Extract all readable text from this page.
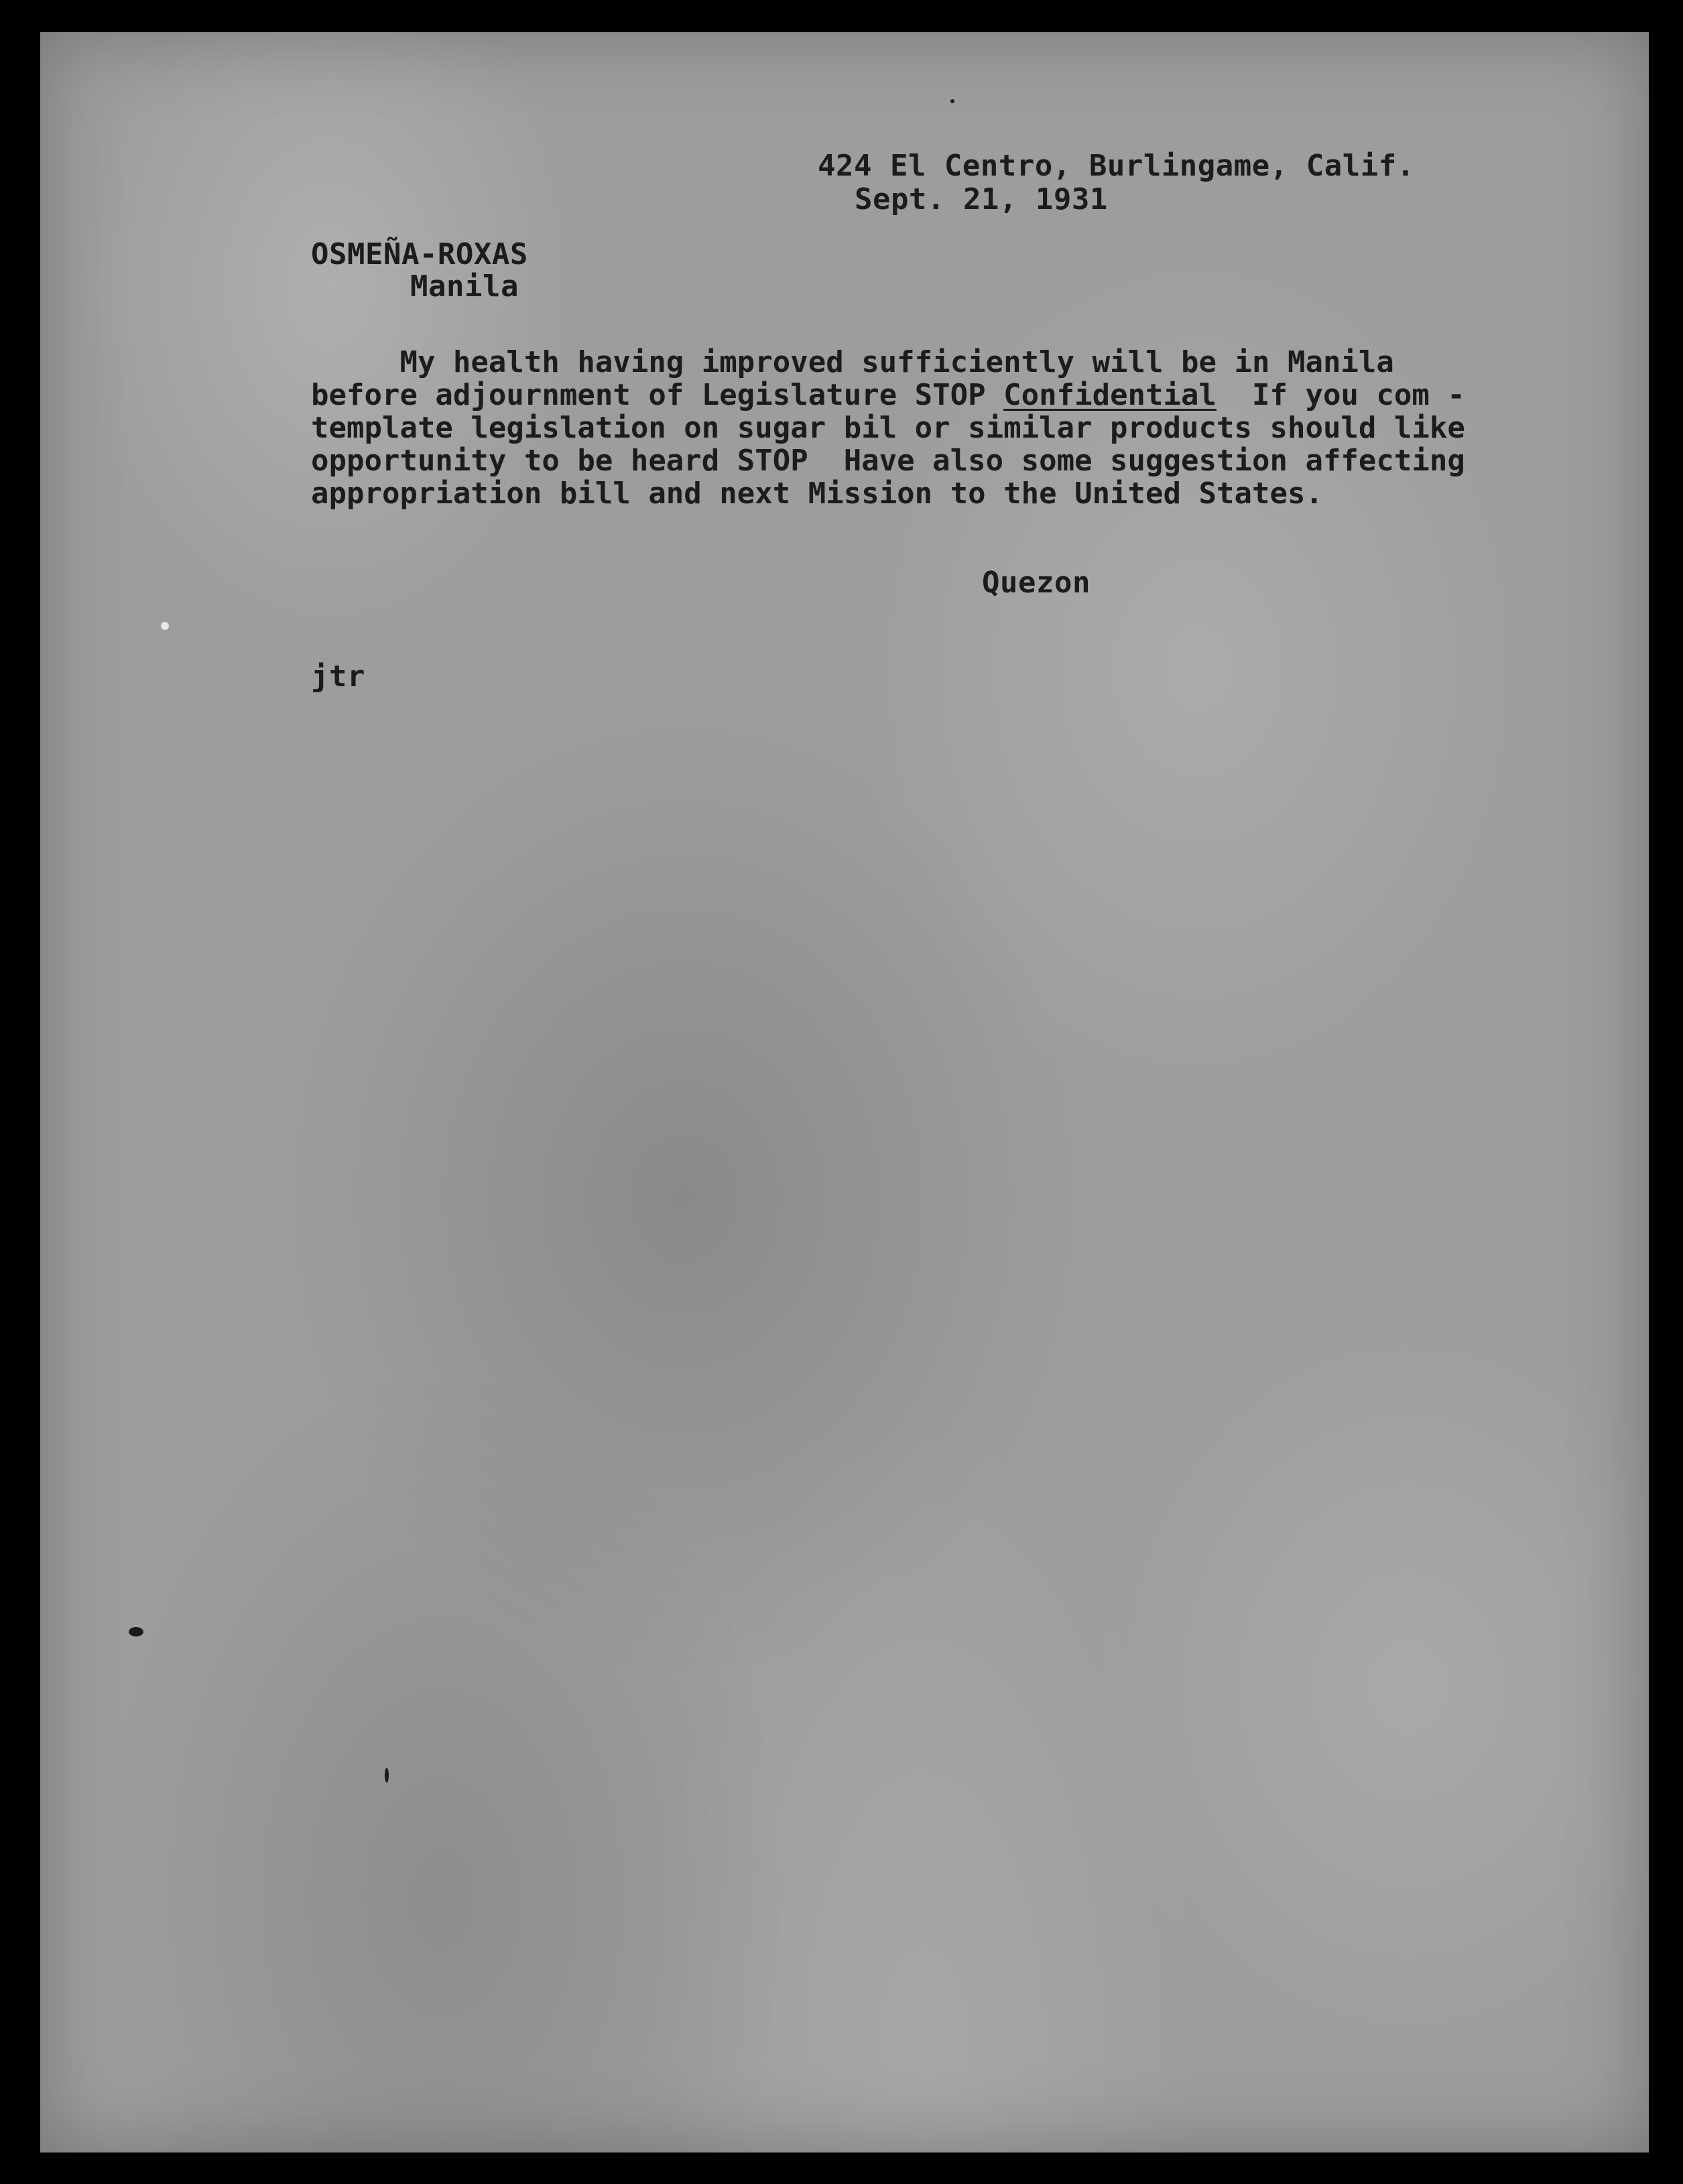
424 El Centro, Burlingame, Calif.
Sept. 21, 1931
OSMEÑA-ROXAS
Manila
My health having improved sufficiently will be in Manila
before adjournment of Legislature STOP Confidential  If you com -
template legislation on sugar bil or similar products should like
opportunity to be heard STOP  Have also some suggestion affecting
appropriation bill and next Mission to the United States.
Quezon
jtr
